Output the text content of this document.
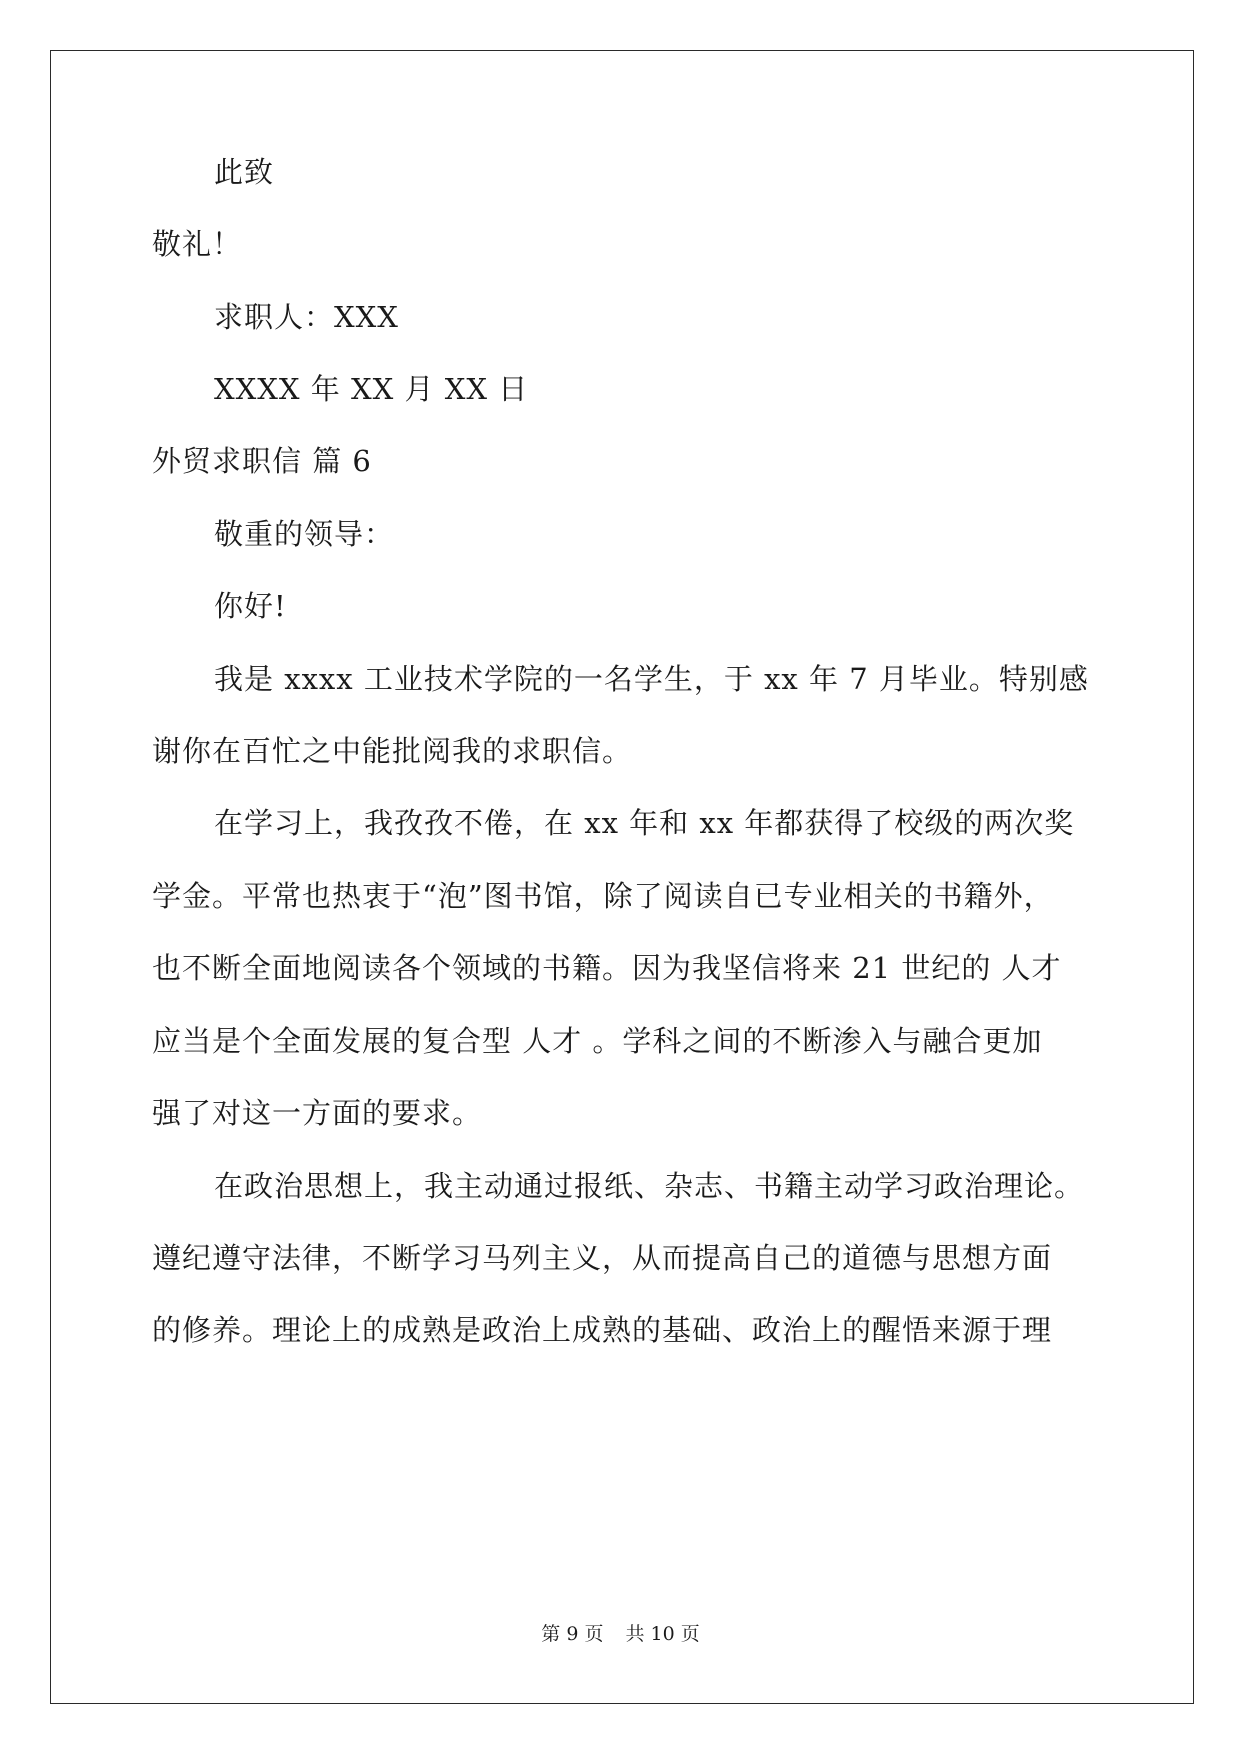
此致
敬礼！
求职人：XXX
XXXX 年 XX 月 XX 日
外贸求职信 篇 6
敬重的领导：
你好!
我是 xxxx 工业技术学院的一名学生，于 xx 年 7 月毕业。特别感
谢你在百忙之中能批阅我的求职信。
在学习上，我孜孜不倦，在 xx 年和 xx 年都获得了校级的两次奖
学金。平常也热衷于“泡”图书馆，除了阅读自已专业相关的书籍外，
也不断全面地阅读各个领域的书籍。因为我坚信将来 21 世纪的 人才
应当是个全面发展的复合型 人才 。学科之间的不断渗入与融合更加
强了对这一方面的要求。
在政治思想上，我主动通过报纸、杂志、书籍主动学习政治理论。
遵纪遵守法律，不断学习马列主义，从而提高自己的道德与思想方面
的修养。理论上的成熟是政治上成熟的基础、政治上的醒悟来源于理
第 9 页 共 10 页
